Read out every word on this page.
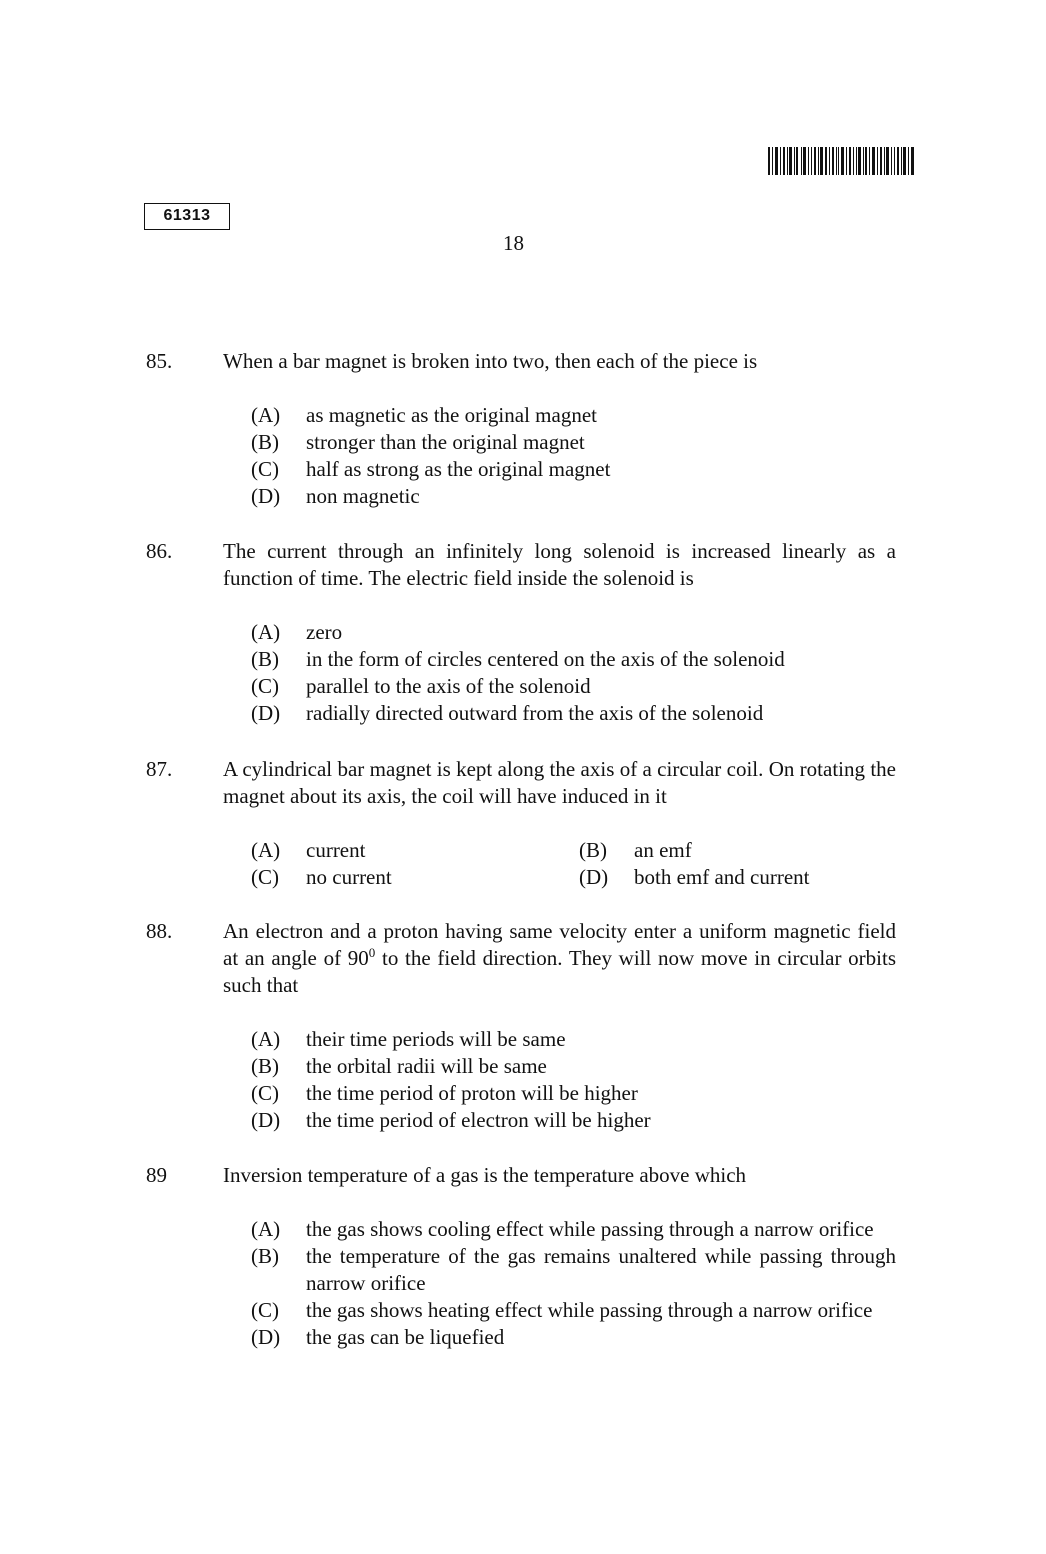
61313
18
85. When a bar magnet is broken into two, then each of the piece is
(A)	as magnetic as the original magnet
(B)	stronger than the original magnet
(C)	half as strong as the original magnet
(D)	non magnetic
86. The current through an infinitely long solenoid is increased linearly as a function of time. The electric field inside the solenoid is
(A)	zero
(B)	in the form of circles centered on the axis of the solenoid
(C)	parallel to the axis of the solenoid
(D)	radially directed outward from the axis of the solenoid
87. A cylindrical bar magnet is kept along the axis of a circular coil. On rotating the magnet about its axis, the coil will have induced in it
(A)	current	(B)	an emf
(C)	no current	(D)	both emf and current
88. An electron and a proton having same velocity enter a uniform magnetic field at an angle of $90^0$ to the field direction. They will now move in circular orbits such that
(A)	their time periods will be same
(B)	the orbital radii will be same
(C)	the time period of proton will be higher
(D)	the time period of electron will be higher
89	Inversion temperature of a gas is the temperature above which
(A)	the gas shows cooling effect while passing through a narrow orifice
(B)	the temperature of the gas remains unaltered while passing through narrow orifice
(C)	the gas shows heating effect while passing through a narrow orifice
(D)	the gas can be liquefied
